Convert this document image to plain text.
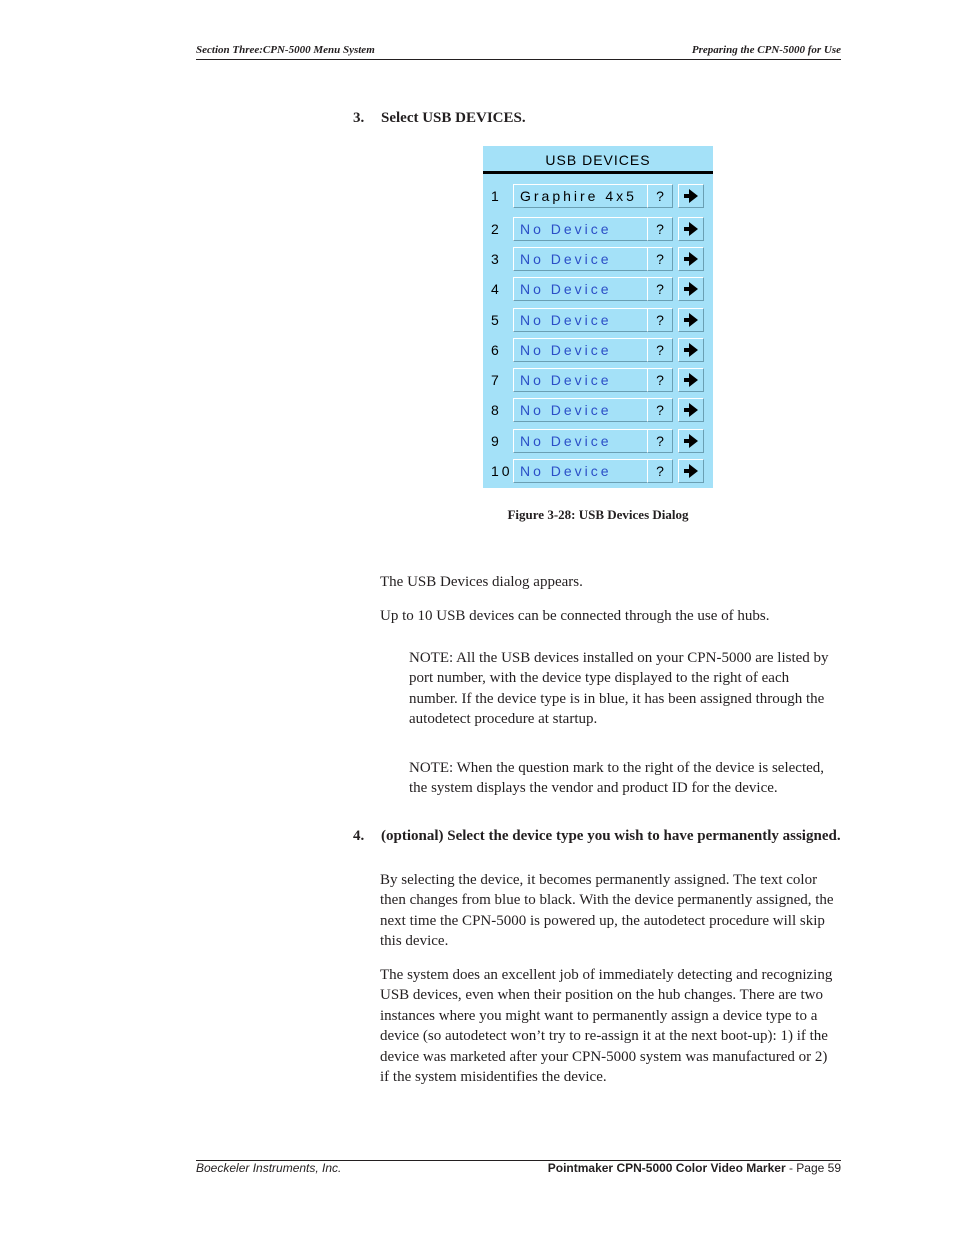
Section Three:CPN-5000 Menu System	Preparing the CPN-5000 for Use
3. Select USB DEVICES.
USB DEVICES
1	Graphire 4x5	?
2	No Device	?
3	No Device	?
4	No Device	?
5	No Device	?
6	No Device	?
7	No Device	?
8	No Device	?
9	No Device	?
10 No Device	?
Figure 3-28: USB Devices Dialog
The USB Devices dialog appears.
Up to 10 USB devices can be connected through the use of hubs.
NOTE: All the USB devices installed on your CPN-5000 are listed by port number, with the device type displayed to the right of each number. If the device type is in blue, it has been assigned through the autodetect procedure at startup.
NOTE: When the question mark to the right of the device is selected, the system displays the vendor and product ID for the device.
4. (optional) Select the device type you wish to have permanently assigned.
By selecting the device, it becomes permanently assigned. The text color then changes from blue to black. With the device permanently assigned, the next time the CPN-5000 is powered up, the autodetect procedure will skip this device.
The system does an excellent job of immediately detecting and recognizing USB devices, even when their position on the hub changes. There are two instances where you might want to permanently assign a device type to a device (so autodetect won’t try to re-assign it at the next boot-up): 1) if the device was marketed after your CPN-5000 system was manufactured or 2) if the system misidentifies the device.
Boeckeler Instruments, Inc.	Pointmaker CPN-5000 Color Video Marker - Page 59
